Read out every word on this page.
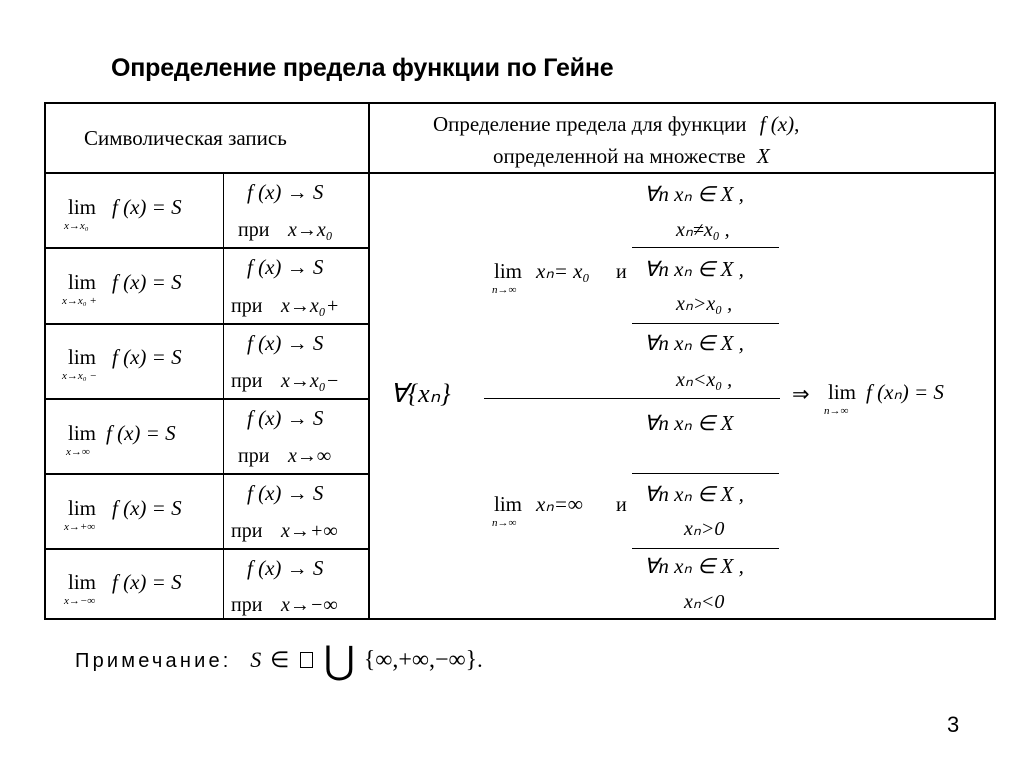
Определение предела функции по Гейне
Символическая запись
Определение предела для функции f (x),
определенной на множестве X
lim
x→x₀
f (x) = S
f (x) → S
при x→x₀
lim
x→x₀ +
f (x) = S
f (x) → S
при x→x₀+
lim
x→x₀ −
f (x) = S
f (x) → S
при x→x₀−
lim
x→∞
f (x) = S
f (x) → S
при x→∞
lim
x→+∞
f (x) = S
f (x) → S
при x→+∞
lim
x→−∞
f (x) = S
f (x) → S
при x→−∞
∀{xₙ}
lim
n→∞
xₙ= x₀ и
lim
n→∞
xₙ=∞ и
∀n xₙ ∈ X ,
xₙ≠x₀ ,
∀n xₙ ∈ X ,
xₙ>x₀ ,
∀n xₙ ∈ X ,
xₙ<x₀ ,
∀n xₙ ∈ X
∀n xₙ ∈ X ,
xₙ>0
∀n xₙ ∈ X ,
xₙ<0
⇒ lim
n→∞
f (xₙ) = S
Примечание: S ∈ ⋃ {∞,+∞,−∞}.
3
